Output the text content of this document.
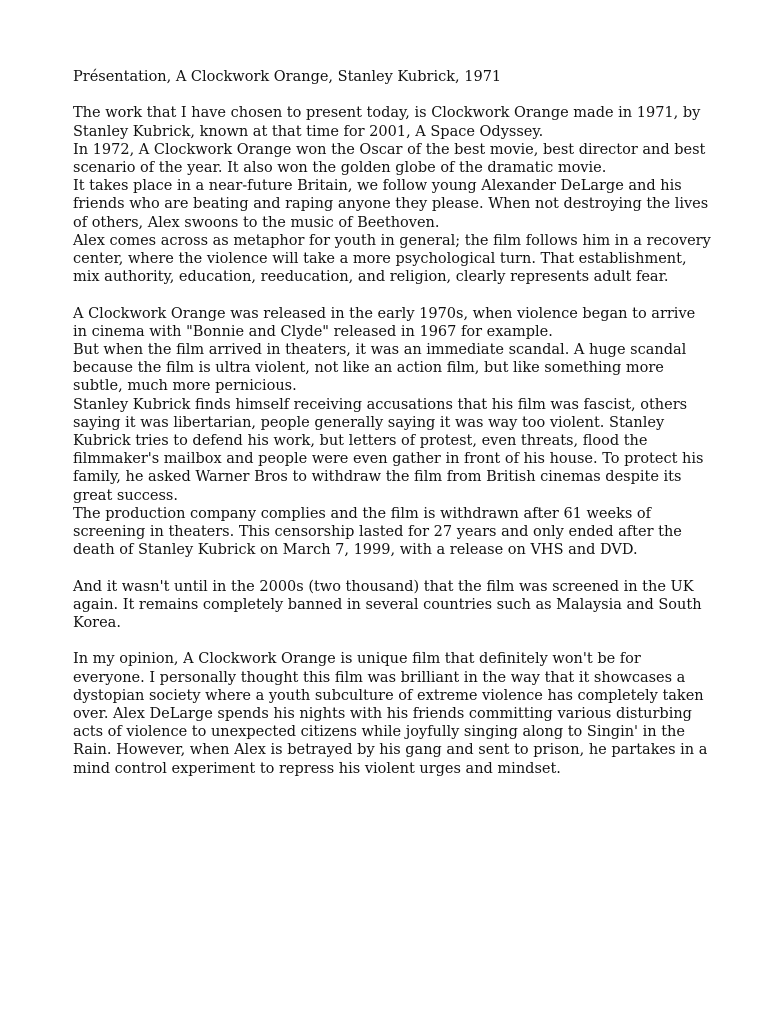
Présentation, A Clockwork Orange, Stanley Kubrick, 1971

The work that I have chosen to present today, is Clockwork Orange made in 1971, by Stanley Kubrick, known at that time for 2001, A Space Odyssey.

In 1972, A Clockwork Orange won the Oscar of the best movie, best director and best scenario of the year. It also won the golden globe of the dramatic movie.

It takes place in a near-future Britain, we follow young Alexander DeLarge and his friends who are beating and raping anyone they please. When not destroying the lives of others, Alex swoons to the music of Beethoven.

Alex comes across as metaphor for youth in general; the film follows him in a recovery center, where the violence will take a more psychological turn. That establishment, mix authority, education, reeducation, and religion, clearly represents adult fear.

A Clockwork Orange was released in the early 1970s, when violence began to arrive in cinema with "Bonnie and Clyde" released in 1967 for example.

But when the film arrived in theaters, it was an immediate scandal. A huge scandal because the film is ultra violent, not like an action film, but like something more subtle, much more pernicious.

Stanley Kubrick finds himself receiving accusations that his film was fascist, others saying it was libertarian, people generally saying it was way too violent. Stanley Kubrick tries to defend his work, but letters of protest, even threats, flood the filmmaker's mailbox and people were even gather in front of his house. To protect his family, he asked Warner Bros to withdraw the film from British cinemas despite its great success.

The production company complies and the film is withdrawn after 61 weeks of screening in theaters. This censorship lasted for 27 years and only ended after the death of Stanley Kubrick on March 7, 1999, with a release on VHS and DVD.

And it wasn't until in the 2000s (two thousand) that the film was screened in the UK again. It remains completely banned in several countries such as Malaysia and South Korea.

In my opinion, A Clockwork Orange is unique film that definitely won't be for everyone. I personally thought this film was brilliant in the way that it showcases a dystopian society where a youth subculture of extreme violence has completely taken over. Alex DeLarge spends his nights with his friends committing various disturbing acts of violence to unexpected citizens while joyfully singing along to Singin' in the Rain. However, when Alex is betrayed by his gang and sent to prison, he partakes in a mind control experiment to repress his violent urges and mindset.
